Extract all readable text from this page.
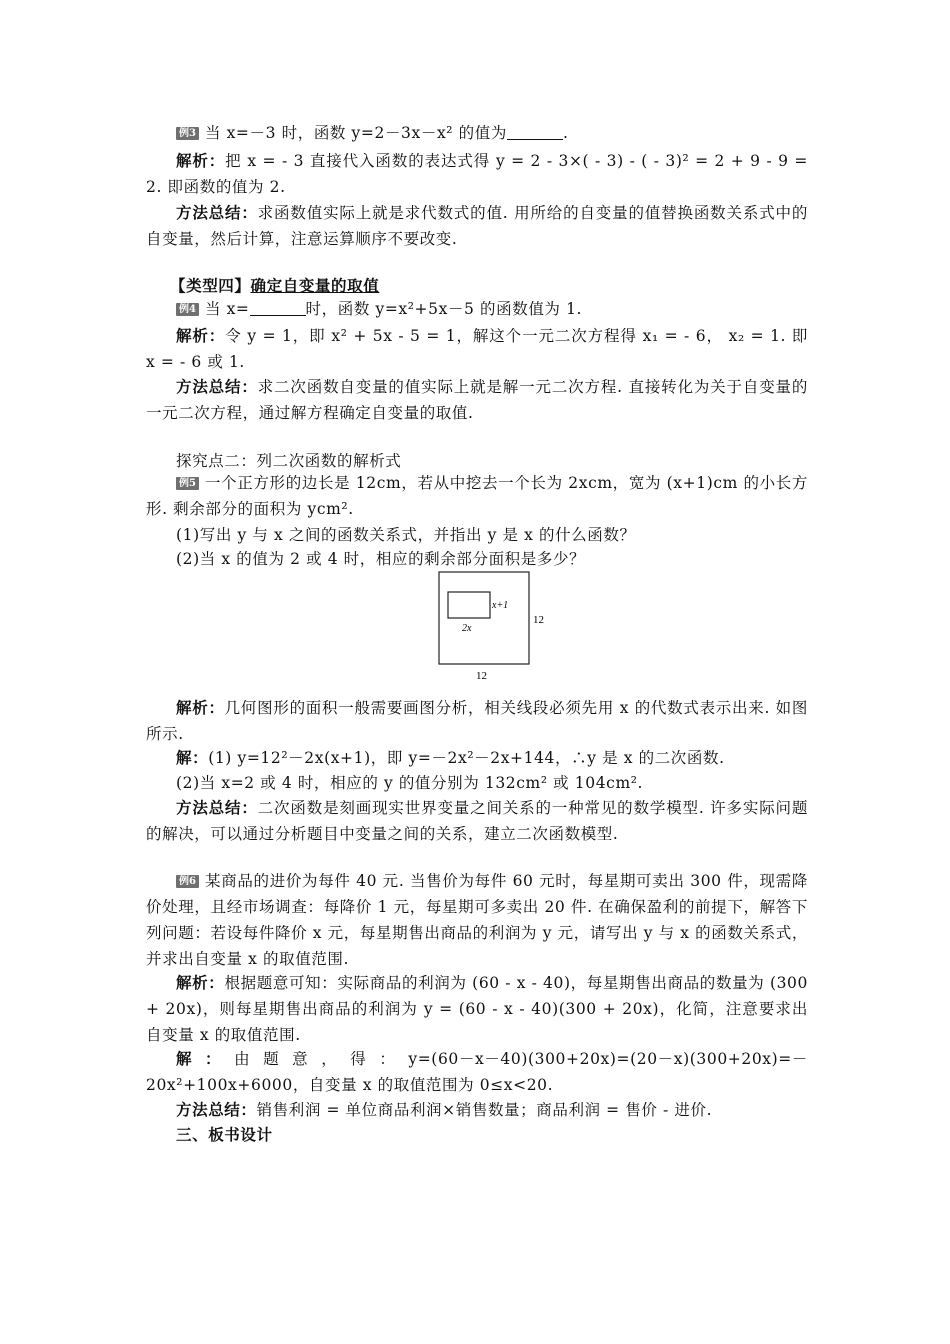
例3 当 x=－3 时，函数 y=2－3x－x² 的值为	.

解析：把 x = - 3 直接代入函数的表达式得 y = 2 - 3×( - 3) - ( - 3)² = 2 + 9 - 9 = 2. 即函数的值为 2.

方法总结：求函数值实际上就是求代数式的值. 用所给的自变量的值替换函数关系式中的自变量，然后计算，注意运算顺序不要改变.

【类型四】确定自变量的取值

例4 当 x=	时，函数 y=x²+5x－5 的函数值为 1.

解析：令 y = 1，即 x² + 5x - 5 = 1，解这个一元二次方程得 x₁ = - 6， x₂ = 1. 即 x = - 6 或 1.

方法总结：求二次函数自变量的值实际上就是解一元二次方程. 直接转化为关于自变量的一元二次方程，通过解方程确定自变量的取值.

探究点二：列二次函数的解析式

例5 一个正方形的边长是 12cm，若从中挖去一个长为 2xcm，宽为 (x+1)cm 的小长方形. 剩余部分的面积为 ycm².

(1)写出 y 与 x 之间的函数关系式，并指出 y 是 x 的什么函数？

(2)当 x 的值为 2 或 4 时，相应的剩余部分面积是多少？

x+1
2x
12
12

解析：几何图形的面积一般需要画图分析，相关线段必须先用 x 的代数式表示出来. 如图所示.

解：(1) y=12²－2x(x+1)，即 y=－2x²－2x+144，∴y 是 x 的二次函数.

(2)当 x=2 或 4 时，相应的 y 的值分别为 132cm² 或 104cm².

方法总结：二次函数是刻画现实世界变量之间关系的一种常见的数学模型. 许多实际问题的解决，可以通过分析题目中变量之间的关系，建立二次函数模型.

例6 某商品的进价为每件 40 元. 当售价为每件 60 元时，每星期可卖出 300 件，现需降价处理，且经市场调查：每降价 1 元，每星期可多卖出 20 件. 在确保盈利的前提下，解答下列问题：若设每件降价 x 元，每星期售出商品的利润为 y 元，请写出 y 与 x 的函数关系式，并求出自变量 x 的取值范围.

解析：根据题意可知：实际商品的利润为 (60 - x - 40)，每星期售出商品的数量为 (300 + 20x)，则每星期售出商品的利润为 y = (60 - x - 40)(300 + 20x)，化简，注意要求出自变量 x 的取值范围.

解：由题意，得：y=(60－x－40)(300+20x)=(20－x)(300+20x)=－20x²+100x+6000，自变量 x 的取值范围为 0≤x<20.

方法总结：销售利润 = 单位商品利润×销售数量；商品利润 = 售价 - 进价.

三、板书设计
